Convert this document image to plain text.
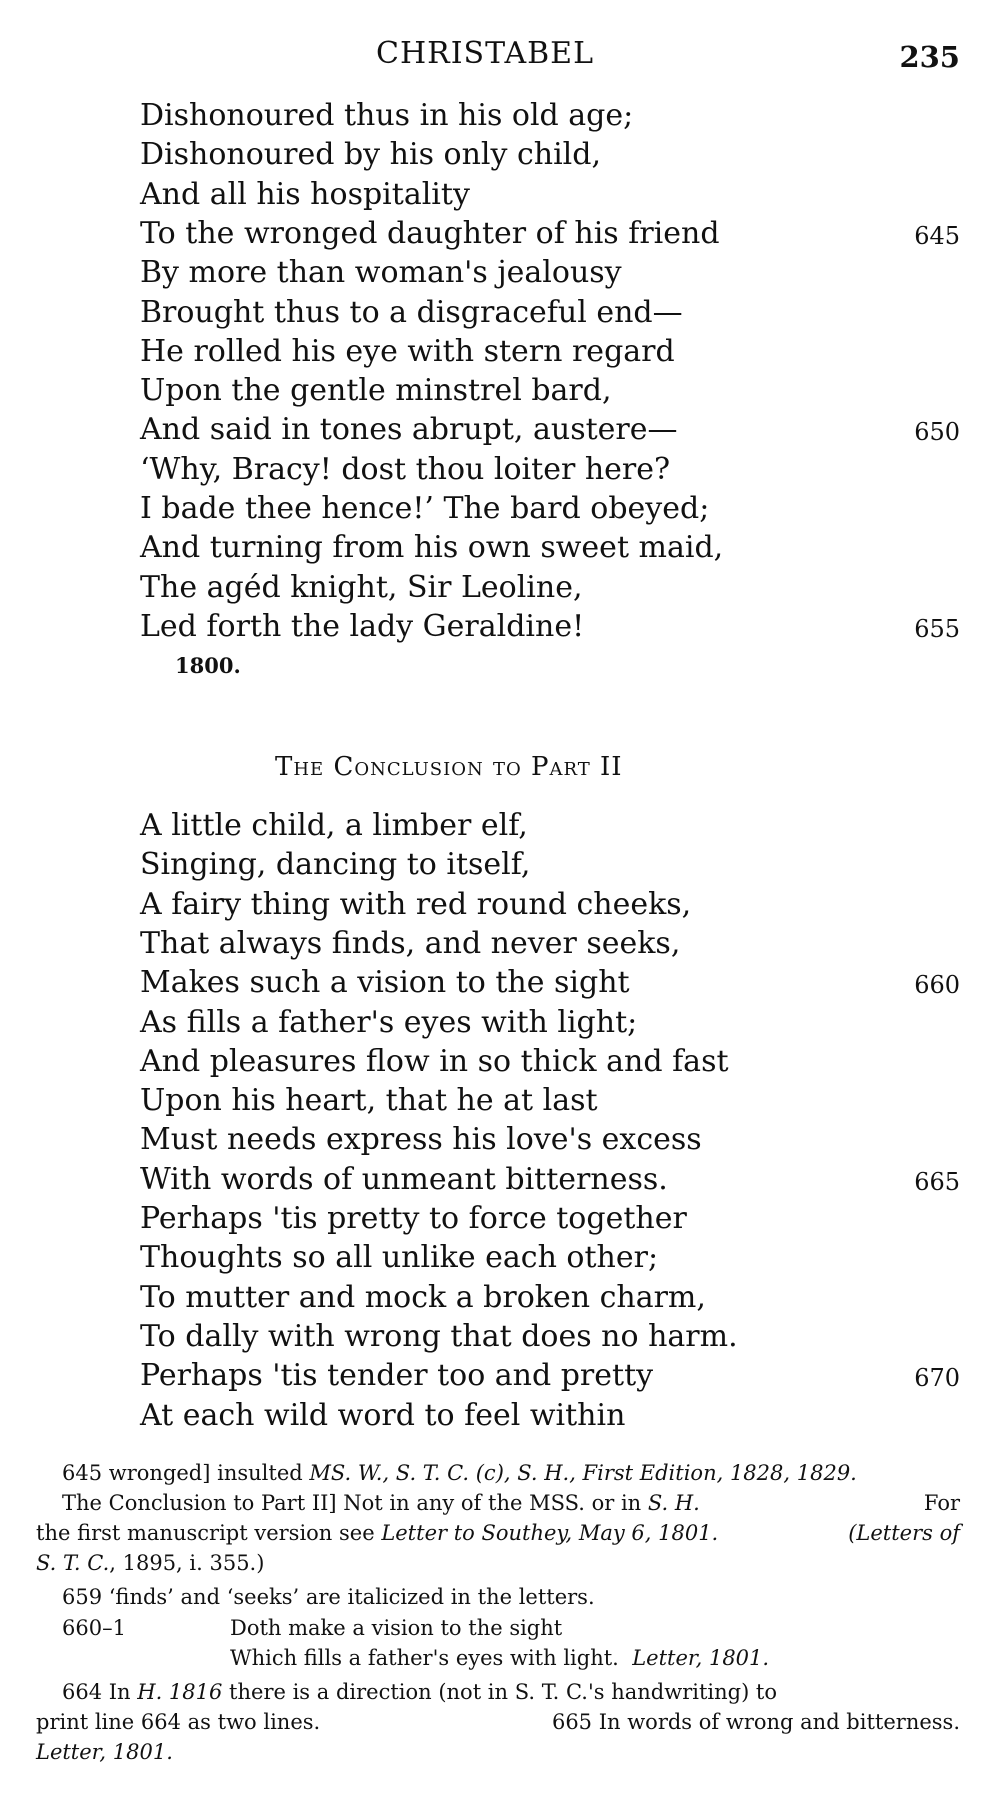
CHRISTABEL	235
Dishonoured thus in his old age;
Dishonoured by his only child,
And all his hospitality
To the wronged daughter of his friend	645
By more than woman's jealousy
Brought thus to a disgraceful end—
He rolled his eye with stern regard
Upon the gentle minstrel bard,
And said in tones abrupt, austere—	650
‘Why, Bracy! dost thou loiter here?
I bade thee hence!’ The bard obeyed;
And turning from his own sweet maid,
The agéd knight, Sir Leoline,
Led forth the lady Geraldine!	655
1800.
The Conclusion to Part II
A little child, a limber elf,
Singing, dancing to itself,
A fairy thing with red round cheeks,
That always finds, and never seeks,
Makes such a vision to the sight	660
As fills a father's eyes with light;
And pleasures flow in so thick and fast
Upon his heart, that he at last
Must needs express his love's excess
With words of unmeant bitterness.	665
Perhaps 'tis pretty to force together
Thoughts so all unlike each other;
To mutter and mock a broken charm,
To dally with wrong that does no harm.
Perhaps 'tis tender too and pretty	670
At each wild word to feel within
645 wronged] insulted MS. W., S. T. C. (c), S. H., First Edition, 1828, 1829.
The Conclusion to Part II] Not in any of the MSS. or in S. H.	For
the first manuscript version see Letter to Southey, May 6, 1801.	(Letters of
S. T. C., 1895, i. 355.)
659 ‘finds’ and ‘seeks’ are italicized in the letters.
660–1	Doth make a vision to the sight
Which fills a father's eyes with light. Letter, 1801.
664 In H. 1816 there is a direction (not in S. T. C.'s handwriting) to
print line 664 as two lines.	665 In words of wrong and bitterness.
Letter, 1801.
